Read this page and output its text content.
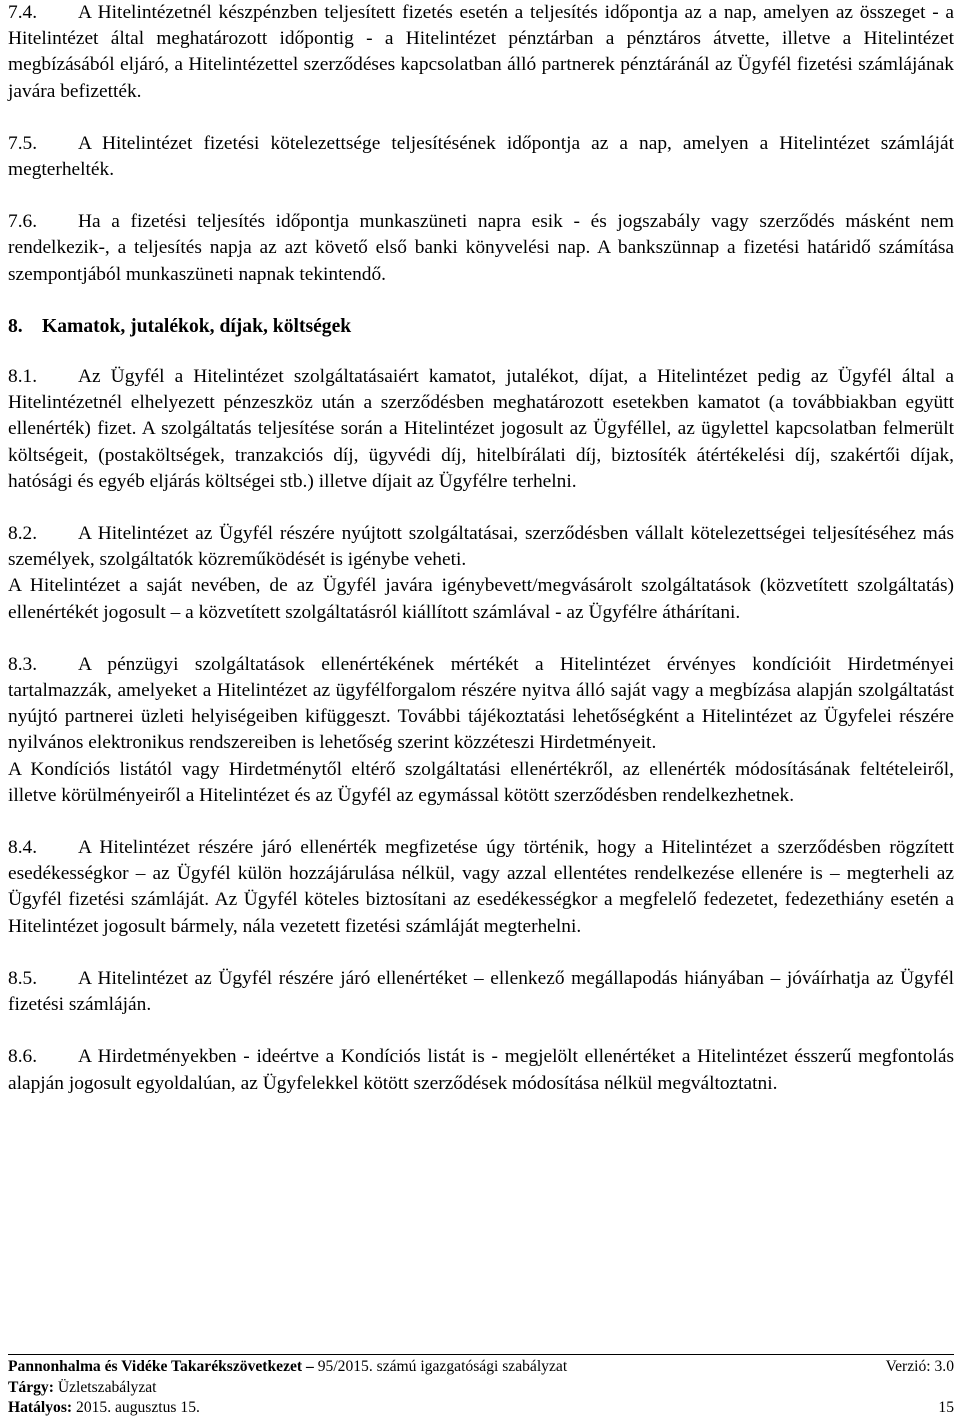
7.4. A Hitelintézetnél készpénzben teljesített fizetés esetén a teljesítés időpontja az a nap, amelyen az összeget - a Hitelintézet által meghatározott időpontig - a Hitelintézet pénztárban a pénztáros átvette, illetve a Hitelintézet megbízásából eljáró, a Hitelintézettel szerződéses kapcsolatban álló partnerek pénztáránál az Ügyfél fizetési számlájának javára befizették.

7.5. A Hitelintézet fizetési kötelezettsége teljesítésének időpontja az a nap, amelyen a Hitelintézet számláját megterhelték.

7.6. Ha a fizetési teljesítés időpontja munkaszüneti napra esik - és jogszabály vagy szerződés másként nem rendelkezik-, a teljesítés napja az azt követő első banki könyvelési nap. A bankszünnap a fizetési határidő számítása szempontjából munkaszüneti napnak tekintendő.

8. Kamatok, jutalékok, díjak, költségek

8.1. Az Ügyfél a Hitelintézet szolgáltatásaiért kamatot, jutalékot, díjat, a Hitelintézet pedig az Ügyfél által a Hitelintézetnél elhelyezett pénzeszköz után a szerződésben meghatározott esetekben kamatot (a továbbiakban együtt ellenérték) fizet. A szolgáltatás teljesítése során a Hitelintézet jogosult az Ügyféllel, az ügylettel kapcsolatban felmerült költségeit, (postaköltségek, tranzakciós díj, ügyvédi díj, hitelbírálati díj, biztosíték átértékelési díj, szakértői díjak, hatósági és egyéb eljárás költségei stb.) illetve díjait az Ügyfélre terhelni.

8.2. A Hitelintézet az Ügyfél részére nyújtott szolgáltatásai, szerződésben vállalt kötelezettségei teljesítéséhez más személyek, szolgáltatók közreműködését is igénybe veheti.

A Hitelintézet a saját nevében, de az Ügyfél javára igénybevett/megvásárolt szolgáltatások (közvetített szolgáltatás) ellenértékét jogosult – a közvetített szolgáltatásról kiállított számlával - az Ügyfélre áthárítani.

8.3. A pénzügyi szolgáltatások ellenértékének mértékét a Hitelintézet érvényes kondícióit Hirdetményei tartalmazzák, amelyeket a Hitelintézet az ügyfélforgalom részére nyitva álló saját vagy a megbízása alapján szolgáltatást nyújtó partnerei üzleti helyiségeiben kifüggeszt. További tájékoztatási lehetőségként a Hitelintézet az Ügyfelei részére nyilvános elektronikus rendszereiben is lehetőség szerint közzéteszi Hirdetményeit.

A Kondíciós listától vagy Hirdetménytől eltérő szolgáltatási ellenértékről, az ellenérték módosításának feltételeiről, illetve körülményeiről a Hitelintézet és az Ügyfél az egymással kötött szerződésben rendelkezhetnek.

8.4. A Hitelintézet részére járó ellenérték megfizetése úgy történik, hogy a Hitelintézet a szerződésben rögzített esedékességkor – az Ügyfél külön hozzájárulása nélkül, vagy azzal ellentétes rendelkezése ellenére is – megterheli az Ügyfél fizetési számláját. Az Ügyfél köteles biztosítani az esedékességkor a megfelelő fedezetet, fedezethiány esetén a Hitelintézet jogosult bármely, nála vezetett fizetési számláját megterhelni.

8.5. A Hitelintézet az Ügyfél részére járó ellenértéket – ellenkező megállapodás hiányában – jóváírhatja az Ügyfél fizetési számláján.

8.6. A Hirdetményekben - ideértve a Kondíciós listát is - megjelölt ellenértéket a Hitelintézet ésszerű megfontolás alapján jogosult egyoldalúan, az Ügyfelekkel kötött szerződések módosítása nélkül megváltoztatni.

Pannonhalma és Vidéke Takarékszövetkezet – 95/2015. számú igazgatósági szabályzat	Verzió: 3.0
Tárgy: Üzletszabályzat
Hatályos: 2015. augusztus 15.	15
